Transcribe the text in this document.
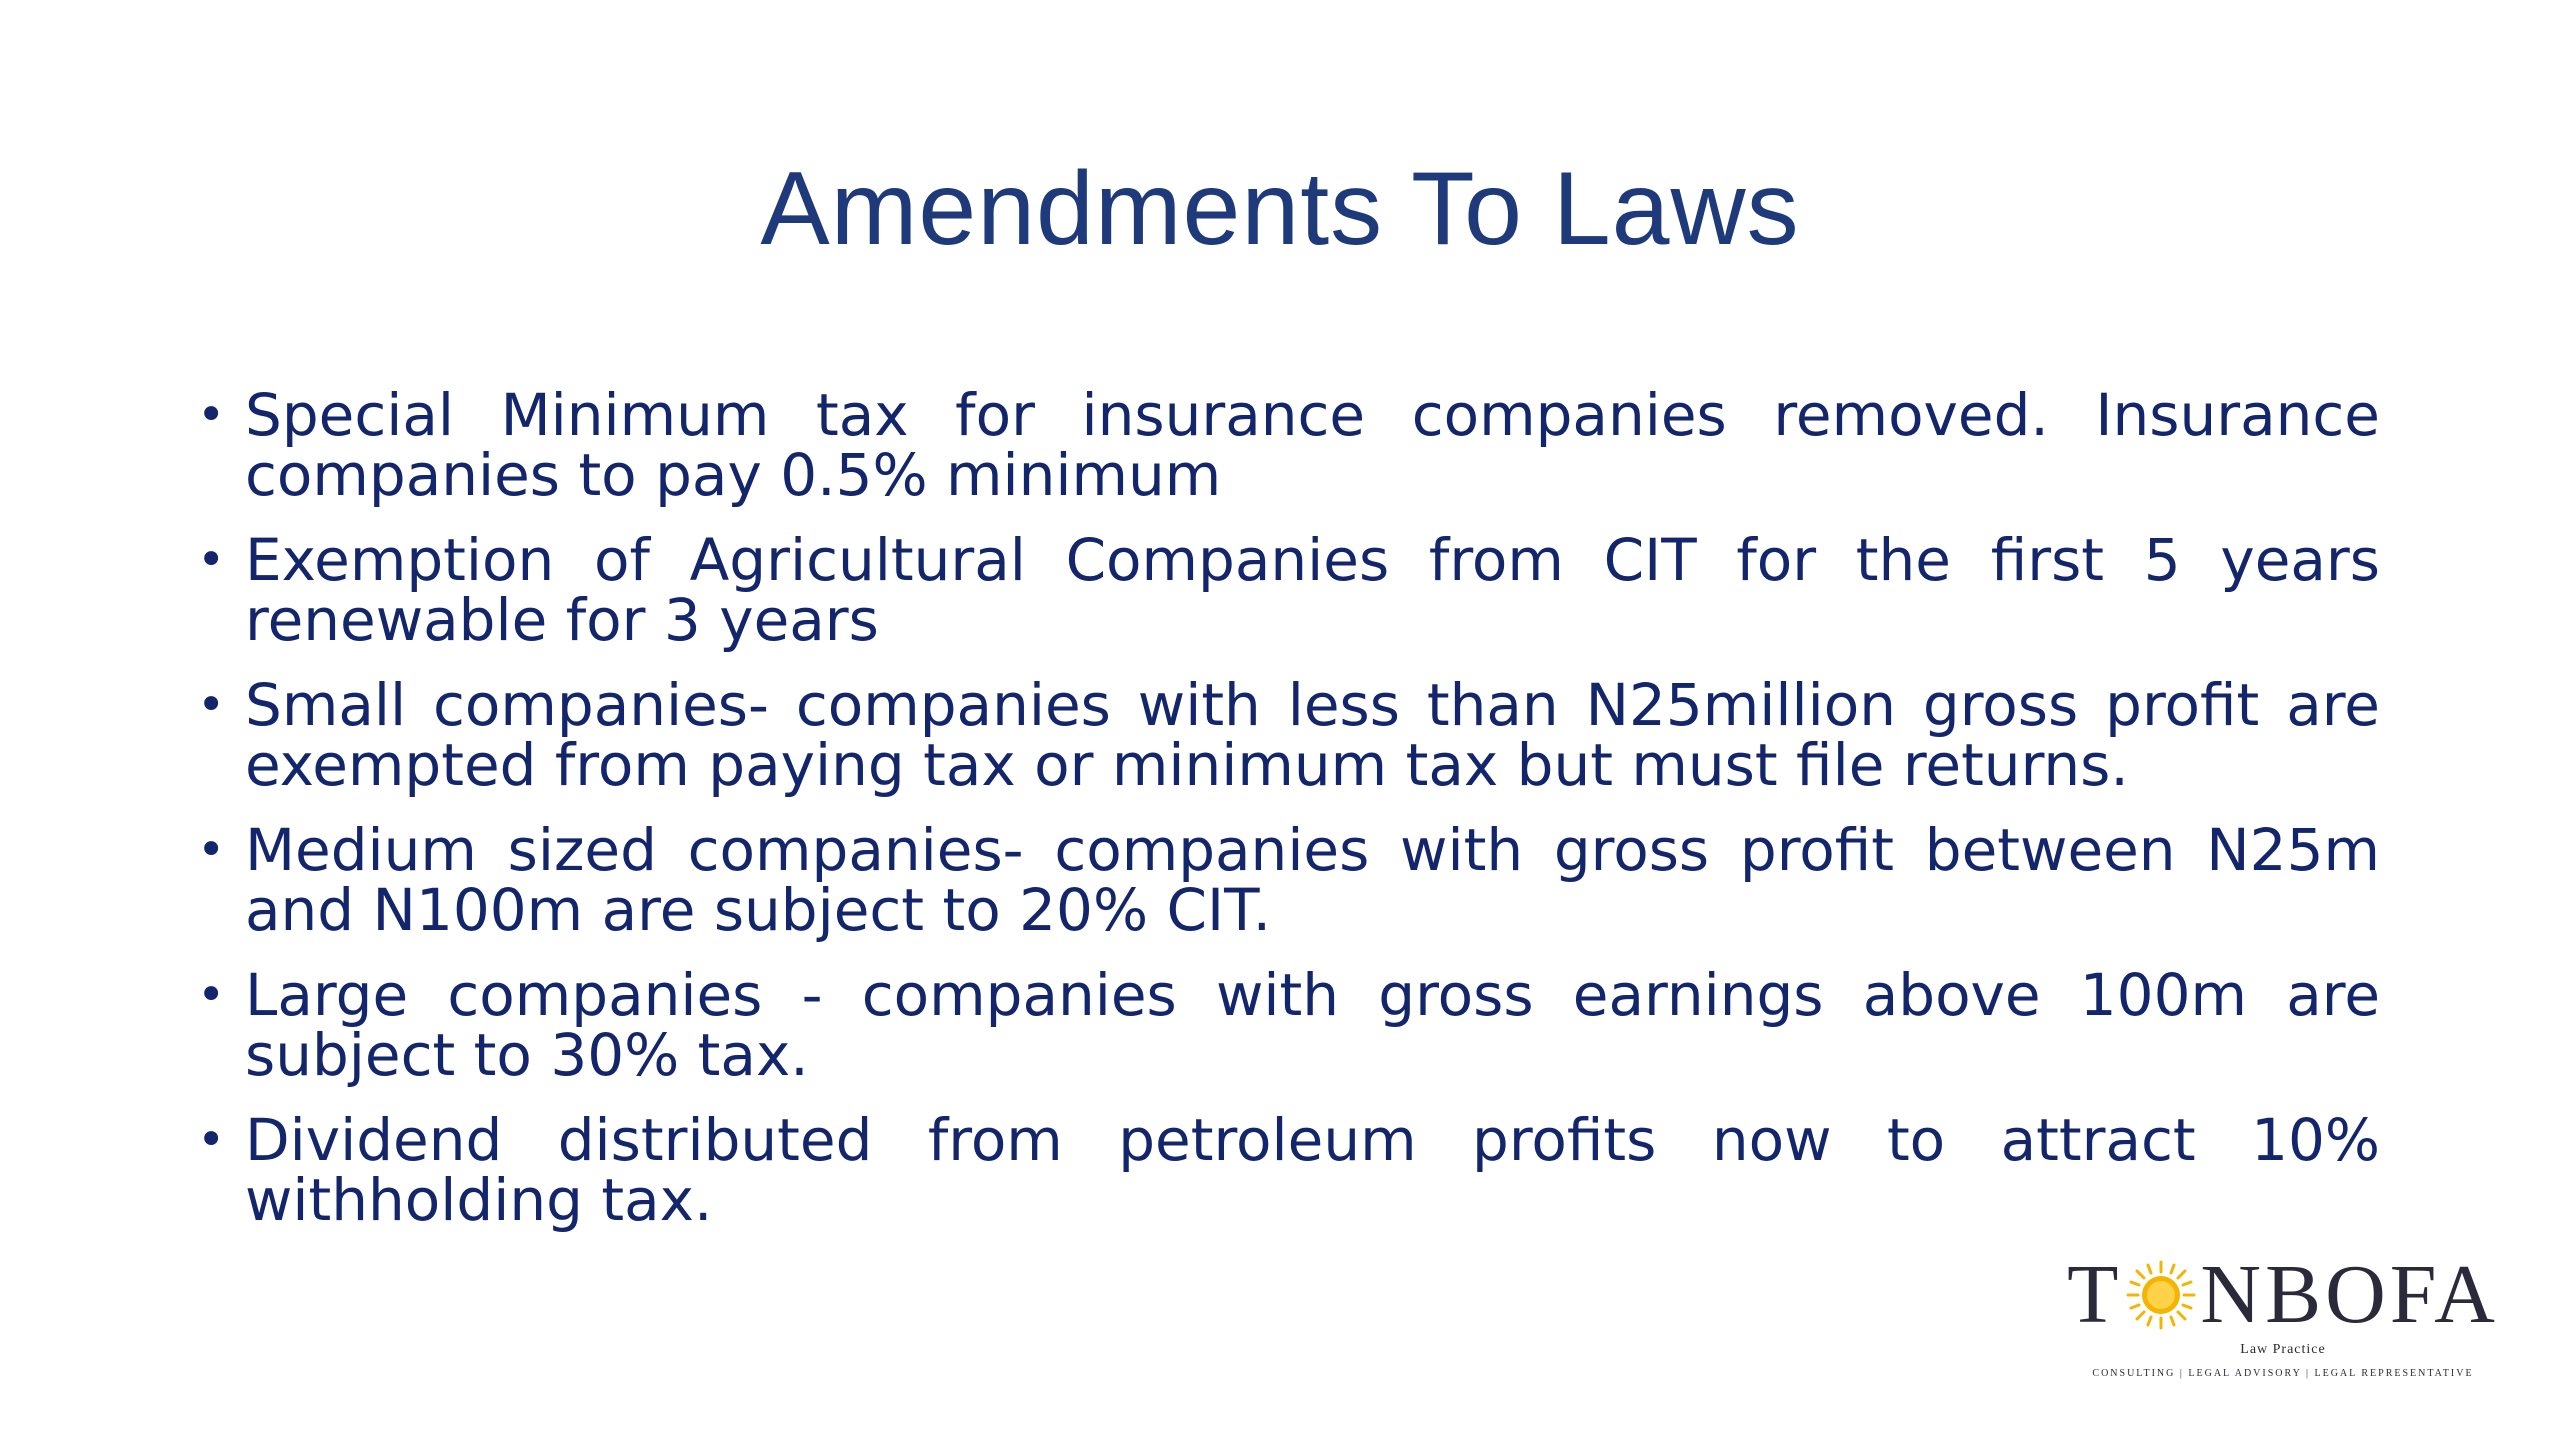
Amendments To Laws
• Special Minimum tax for insurance companies removed. Insurance companies to pay 0.5% minimum
• Exemption of Agricultural Companies from CIT for the first 5 years renewable for 3 years
• Small companies- companies with less than N25million gross profit are exempted from paying tax or minimum tax but must file returns.
• Medium sized companies- companies with gross profit between N25m and N100m are subject to 20% CIT.
• Large companies - companies with gross earnings above 100m are subject to 30% tax.
• Dividend distributed from petroleum profits now to attract 10% withholding tax.
T NBOFA
Law Practice
CONSULTING | LEGAL ADVISORY | LEGAL REPRESENTATIVE
